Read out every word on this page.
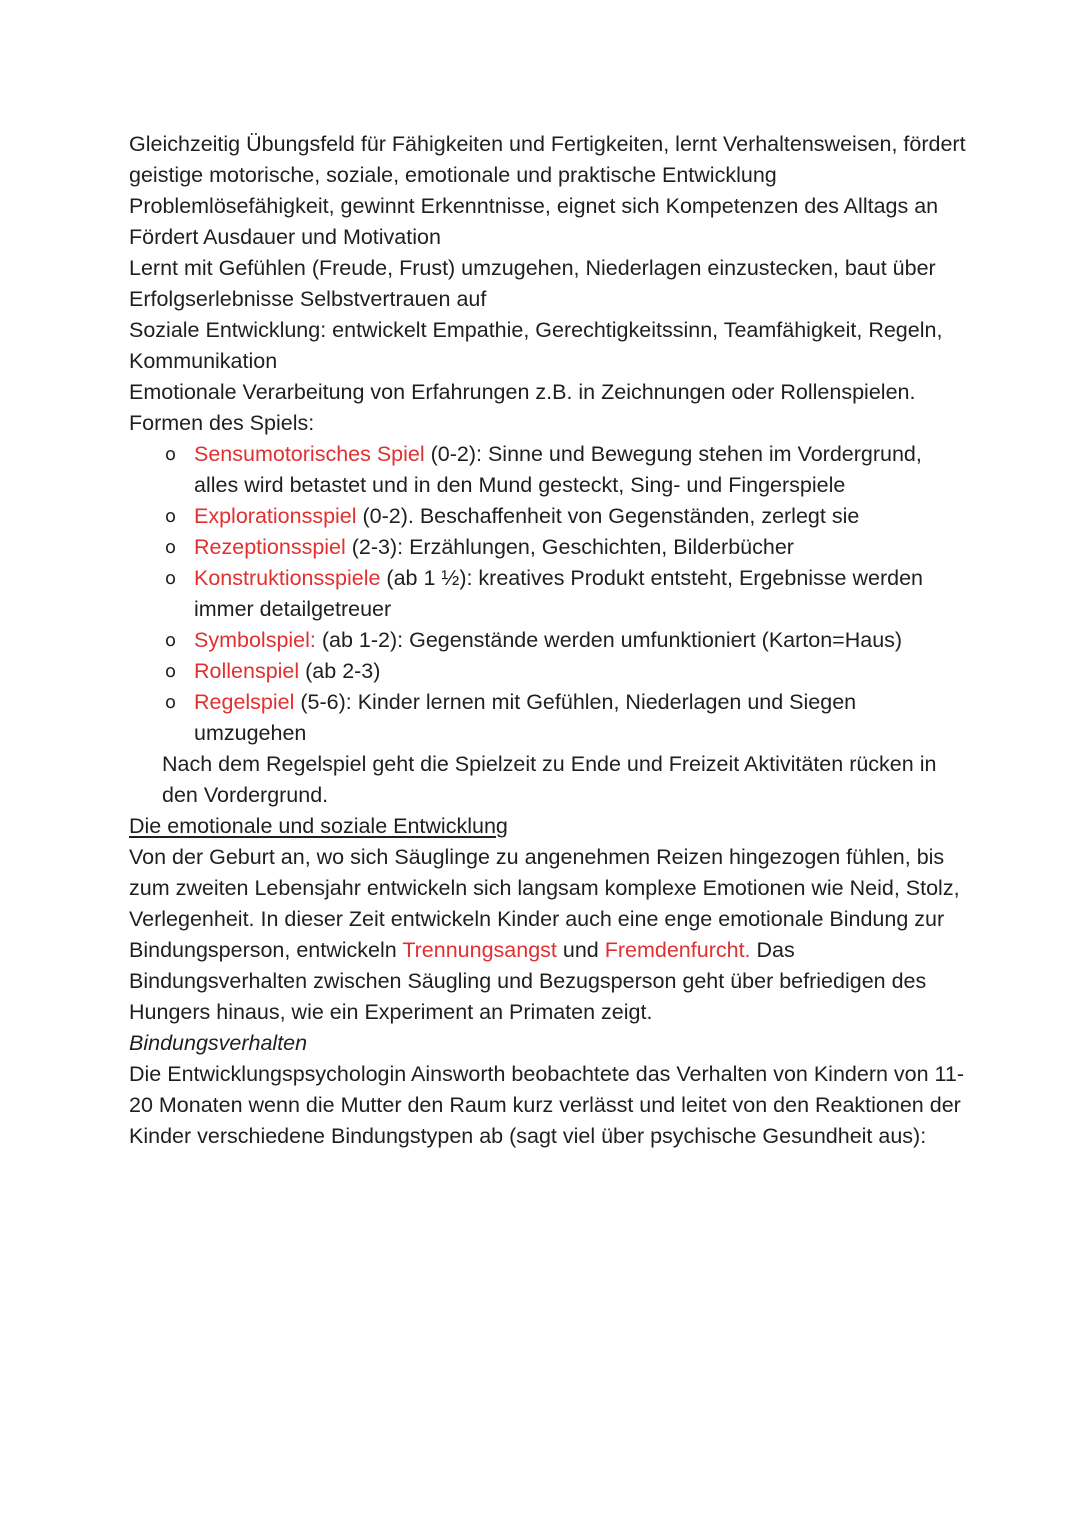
Gleichzeitig Übungsfeld für Fähigkeiten und Fertigkeiten, lernt Verhaltensweisen, fördert geistige motorische, soziale, emotionale und praktische Entwicklung

Problemlösefähigkeit, gewinnt Erkenntnisse, eignet sich Kompetenzen des Alltags an

Fördert Ausdauer und Motivation

Lernt mit Gefühlen (Freude, Frust) umzugehen, Niederlagen einzustecken, baut über Erfolgserlebnisse Selbstvertrauen auf

Soziale Entwicklung: entwickelt Empathie, Gerechtigkeitssinn, Teamfähigkeit, Regeln, Kommunikation

Emotionale Verarbeitung von Erfahrungen z.B. in Zeichnungen oder Rollenspielen.

Formen des Spiels:

o Sensumotorisches Spiel (0-2): Sinne und Bewegung stehen im Vordergrund, alles wird betastet und in den Mund gesteckt, Sing- und Fingerspiele
o Explorationsspiel (0-2). Beschaffenheit von Gegenständen, zerlegt sie
o Rezeptionsspiel (2-3): Erzählungen, Geschichten, Bilderbücher
o Konstruktionsspiele (ab 1 ½): kreatives Produkt entsteht, Ergebnisse werden immer detailgetreuer
o Symbolspiel: (ab 1-2): Gegenstände werden umfunktioniert (Karton=Haus)
o Rollenspiel (ab 2-3)
o Regelspiel (5-6): Kinder lernen mit Gefühlen, Niederlagen und Siegen umzugehen

Nach dem Regelspiel geht die Spielzeit zu Ende und Freizeit Aktivitäten rücken in den Vordergrund.

Die emotionale und soziale Entwicklung

Von der Geburt an, wo sich Säuglinge zu angenehmen Reizen hingezogen fühlen, bis zum zweiten Lebensjahr entwickeln sich langsam komplexe Emotionen wie Neid, Stolz, Verlegenheit. In dieser Zeit entwickeln Kinder auch eine enge emotionale Bindung zur Bindungsperson, entwickeln Trennungsangst und Fremdenfurcht. Das Bindungsverhalten zwischen Säugling und Bezugsperson geht über befriedigen des Hungers hinaus, wie ein Experiment an Primaten zeigt.

Bindungsverhalten

Die Entwicklungspsychologin Ainsworth beobachtete das Verhalten von Kindern von 11-20 Monaten wenn die Mutter den Raum kurz verlässt und leitet von den Reaktionen der Kinder verschiedene Bindungstypen ab (sagt viel über psychische Gesundheit aus):
